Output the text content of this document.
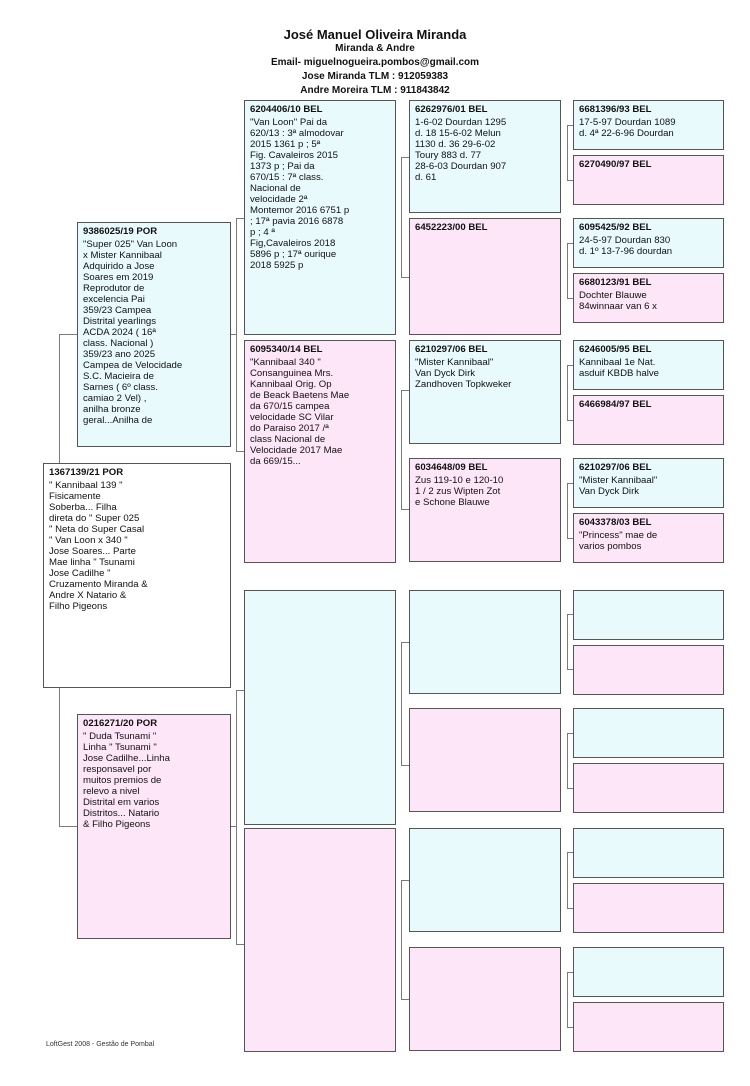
José Manuel Oliveira Miranda
Miranda & Andre
Email- miguelnogueira.pombos@gmail.com
Jose Miranda TLM : 912059383
Andre Moreira TLM : 911843842
1367139/21 POR
" Kannibaal 139 "
Fisicamente
Soberba... Filha
direta do " Super 025
" Neta do Super Casal
" Van Loon x 340 "
Jose Soares... Parte
Mae linha " Tsunami
Jose Cadilhe "
Cruzamento Miranda &
Andre X Natario &
Filho Pigeons
9386025/19 POR
"Super 025" Van Loon
x Mister Kannibaal
Adquirido a Jose
Soares em 2019
Reprodutor de
excelencia Pai
359/23 Campea
Distrital yearlings
ACDA 2024 ( 16ª
class. Nacional )
359/23 ano 2025
Campea de Velocidade
S.C. Macieira de
Sarnes ( 6º class.
camiao 2 Vel) ,
anilha bronze
geral...Anilha de
0216271/20 POR
" Duda Tsunami "
Linha " Tsunami "
Jose Cadilhe...Linha
responsavel por
muitos premios de
relevo a nivel
Distrital em varios
Distritos... Natario
& Filho Pigeons
6204406/10 BEL
"Van Loon" Pai da
620/13 : 3ª almodovar
2015 1361 p ; 5ª
Fig. Cavaleiros 2015
1373 p ; Pai da
670/15 : 7ª class.
Nacional de
velocidade 2ª
Montemor 2016 6751 p
; 17ª pavia 2016 6878
p ; 4 ª
Fig,Cavaleiros 2018
5896 p ; 17ª ourique
2018 5925 p
6095340/14 BEL
"Kannibaal 340 "
Consanguinea Mrs.
Kannibaal Orig. Op
de Beack Baetens Mae
da 670/15 campea
velocidade SC Vilar
do Paraiso 2017 /ª
class Nacional de
Velocidade 2017 Mae
da 669/15...
6262976/01 BEL
1-6-02 Dourdan 1295
d. 18 15-6-02 Melun
1130 d. 36 29-6-02
Toury 883 d. 77
28-6-03 Dourdan 907
d. 61
6452223/00 BEL
6210297/06 BEL
"Mister Kannibaal"
Van Dyck Dirk
Zandhoven Topkweker
6034648/09 BEL
Zus 119-10 e 120-10
1 / 2 zus Wipten Zot
e Schone Blauwe
6681396/93 BEL
17-5-97 Dourdan 1089
d. 4ª 22-6-96 Dourdan
6270490/97 BEL
6095425/92 BEL
24-5-97 Dourdan 830
d. 1º 13-7-96 dourdan
6680123/91 BEL
Dochter Blauwe
84winnaar van 6 x
6246005/95 BEL
Kannibaal 1e Nat.
asduif KBDB halve
6466984/97 BEL
6210297/06 BEL
"Mister Kannibaal"
Van Dyck Dirk
6043378/03 BEL
"Princess" mae de
varios pombos
LoftGest 2008 - Gestão de Pombal
